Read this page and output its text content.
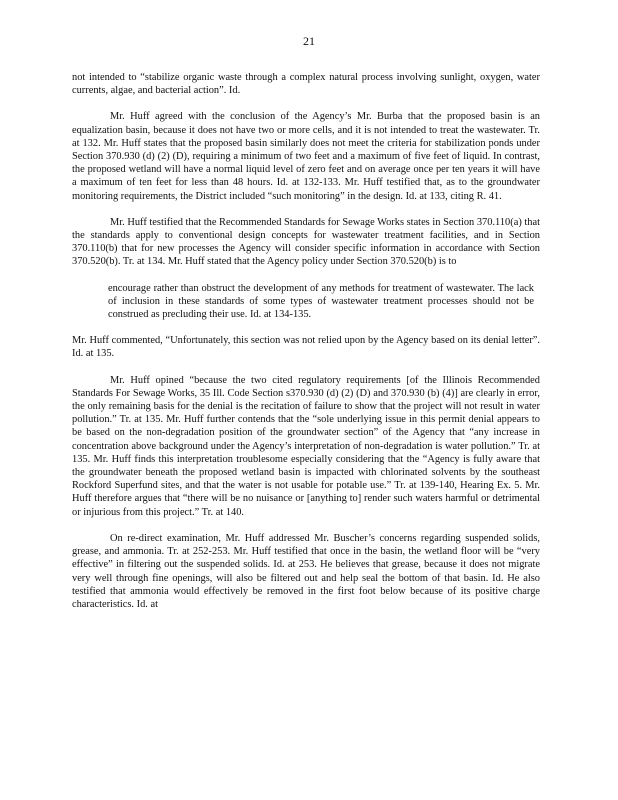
21

not intended to “stabilize organic waste through a complex natural process involving sunlight, oxygen, water currents, algae, and bacterial action”. Id.

Mr. Huff agreed with the conclusion of the Agency’s Mr. Burba that the proposed basin is an equalization basin, because it does not have two or more cells, and it is not intended to treat the wastewater. Tr. at 132. Mr. Huff states that the proposed basin similarly does not meet the criteria for stabilization ponds under Section 370.930 (d) (2) (D), requiring a minimum of two feet and a maximum of five feet of liquid. In contrast, the proposed wetland will have a normal liquid level of zero feet and on average once per ten years it will have a maximum of ten feet for less than 48 hours. Id. at 132-133. Mr. Huff testified that, as to the groundwater monitoring requirements, the District included “such monitoring” in the design. Id. at 133, citing R. 41.

Mr. Huff testified that the Recommended Standards for Sewage Works states in Section 370.110(a) that the standards apply to conventional design concepts for wastewater treatment facilities, and in Section 370.110(b) that for new processes the Agency will consider specific information in accordance with Section 370.520(b). Tr. at 134. Mr. Huff stated that the Agency policy under Section 370.520(b) is to

encourage rather than obstruct the development of any methods for treatment of wastewater. The lack of inclusion in these standards of some types of wastewater treatment processes should not be construed as precluding their use. Id. at 134-135.

Mr. Huff commented, “Unfortunately, this section was not relied upon by the Agency based on its denial letter”. Id. at 135.

Mr. Huff opined “because the two cited regulatory requirements [of the Illinois Recommended Standards For Sewage Works, 35 Ill. Code Section s370.930 (d) (2) (D) and 370.930 (b) (4)] are clearly in error, the only remaining basis for the denial is the recitation of failure to show that the project will not result in water pollution.” Tr. at 135. Mr. Huff further contends that the “sole underlying issue in this permit denial appears to be based on the non-degradation position of the groundwater section” of the Agency that “any increase in concentration above background under the Agency’s interpretation of non-degradation is water pollution.” Tr. at 135. Mr. Huff finds this interpretation troublesome especially considering that the “Agency is fully aware that the groundwater beneath the proposed wetland basin is impacted with chlorinated solvents by the southeast Rockford Superfund sites, and that the water is not usable for potable use.” Tr. at 139-140, Hearing Ex. 5. Mr. Huff therefore argues that “there will be no nuisance or [anything to] render such waters harmful or detrimental or injurious from this project.” Tr. at 140.

On re-direct examination, Mr. Huff addressed Mr. Buscher’s concerns regarding suspended solids, grease, and ammonia. Tr. at 252-253. Mr. Huff testified that once in the basin, the wetland floor will be “very effective” in filtering out the suspended solids. Id. at 253. He believes that grease, because it does not migrate very well through fine openings, will also be filtered out and help seal the bottom of that basin. Id. He also testified that ammonia would effectively be removed in the first foot below because of its positive charge characteristics. Id. at
